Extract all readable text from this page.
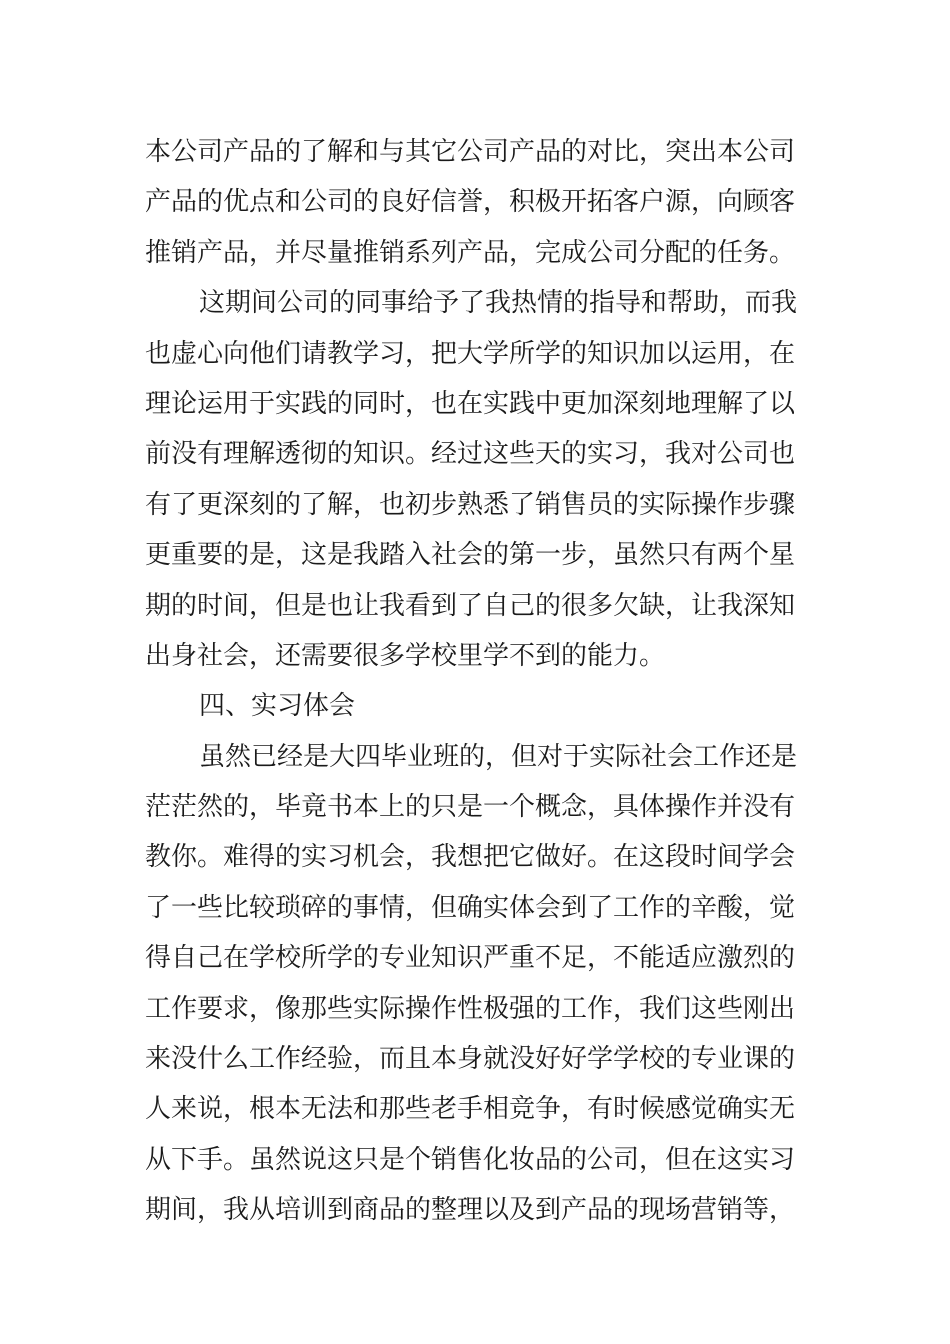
本公司产品的了解和与其它公司产品的对比，突出本公司
产品的优点和公司的良好信誉，积极开拓客户源，向顾客
推销产品，并尽量推销系列产品，完成公司分配的任务。
这期间公司的同事给予了我热情的指导和帮助，而我
也虚心向他们请教学习，把大学所学的知识加以运用，在
理论运用于实践的同时，也在实践中更加深刻地理解了以
前没有理解透彻的知识。经过这些天的实习，我对公司也
有了更深刻的了解，也初步熟悉了销售员的实际操作步骤
更重要的是，这是我踏入社会的第一步，虽然只有两个星
期的时间，但是也让我看到了自己的很多欠缺，让我深知
出身社会，还需要很多学校里学不到的能力。
四、实习体会
虽然已经是大四毕业班的，但对于实际社会工作还是
茫茫然的，毕竟书本上的只是一个概念，具体操作并没有
教你。难得的实习机会，我想把它做好。在这段时间学会
了一些比较琐碎的事情，但确实体会到了工作的辛酸，觉
得自己在学校所学的专业知识严重不足，不能适应激烈的
工作要求，像那些实际操作性极强的工作，我们这些刚出
来没什么工作经验，而且本身就没好好学学校的专业课的
人来说，根本无法和那些老手相竞争，有时候感觉确实无
从下手。虽然说这只是个销售化妆品的公司，但在这实习
期间，我从培训到商品的整理以及到产品的现场营销等，
